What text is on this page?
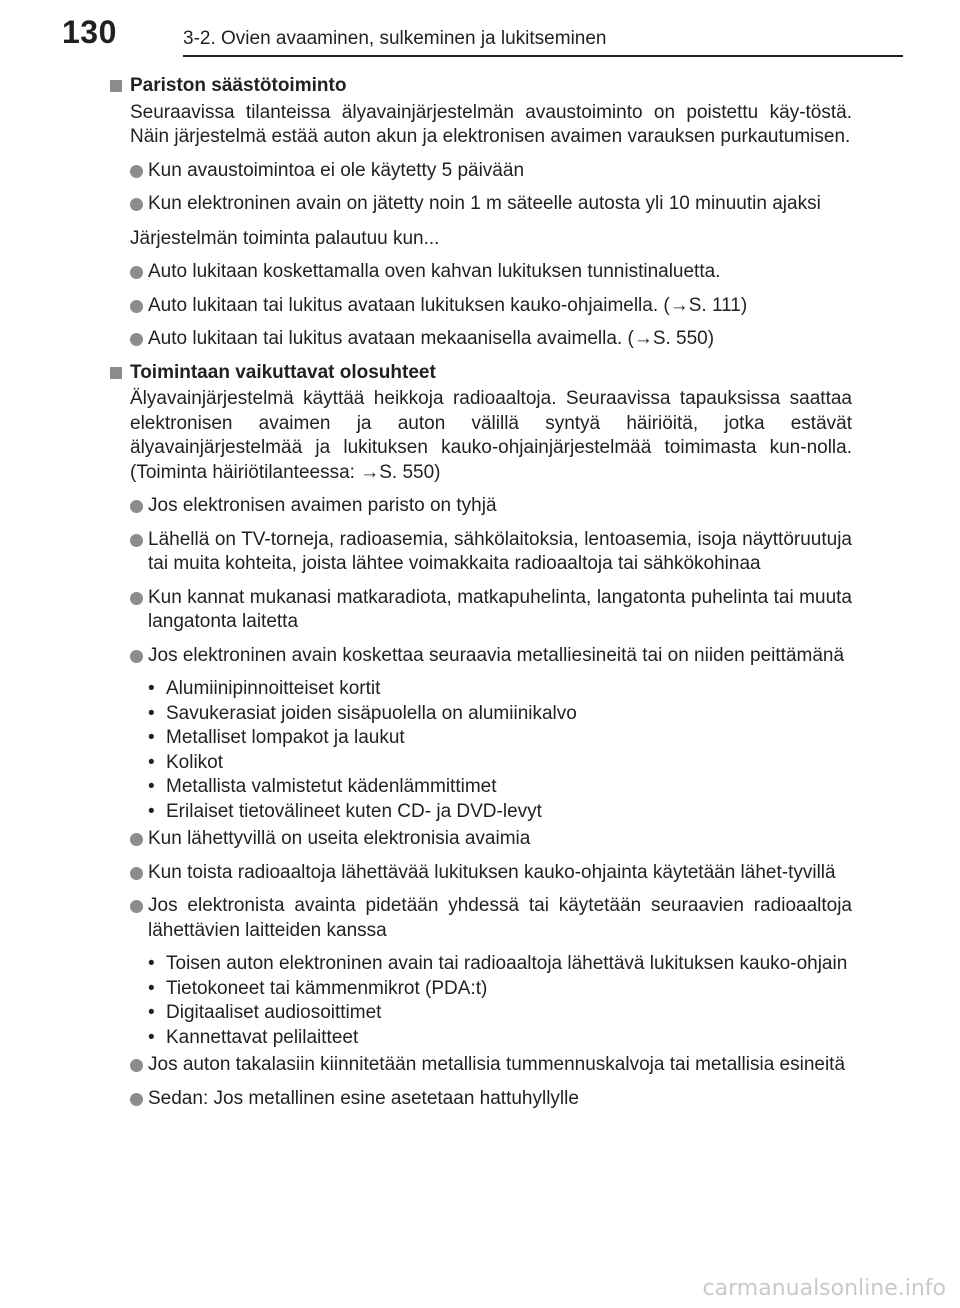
130	3-2. Ovien avaaminen, sulkeminen ja lukitseminen
Pariston säästötoiminto
Seuraavissa tilanteissa älyavainjärjestelmän avaustoiminto on poistettu käy-töstä. Näin järjestelmä estää auton akun ja elektronisen avaimen varauksen purkautumisen.
Kun avaustoimintoa ei ole käytetty 5 päivään
Kun elektroninen avain on jätetty noin 1 m säteelle autosta yli 10 minuutin ajaksi
Järjestelmän toiminta palautuu kun...
Auto lukitaan koskettamalla oven kahvan lukituksen tunnistinaluetta.
Auto lukitaan tai lukitus avataan lukituksen kauko-ohjaimella. (→S. 111)
Auto lukitaan tai lukitus avataan mekaanisella avaimella. (→S. 550)
Toimintaan vaikuttavat olosuhteet
Älyavainjärjestelmä käyttää heikkoja radioaaltoja. Seuraavissa tapauksissa saattaa elektronisen avaimen ja auton välillä syntyä häiriöitä, jotka estävät älyavainjärjestelmää ja lukituksen kauko-ohjainjärjestelmää toimimasta kun-nolla. (Toiminta häiriötilanteessa: →S. 550)
Jos elektronisen avaimen paristo on tyhjä
Lähellä on TV-torneja, radioasemia, sähkölaitoksia, lentoasemia, isoja näyttöruutuja tai muita kohteita, joista lähtee voimakkaita radioaaltoja tai sähkökohinaa
Kun kannat mukanasi matkaradiota, matkapuhelinta, langatonta puhelinta tai muuta langatonta laitetta
Jos elektroninen avain koskettaa seuraavia metalliesineitä tai on niiden peittämänä
• Alumiinipinnoitteiset kortit
• Savukerasiat joiden sisäpuolella on alumiinikalvo
• Metalliset lompakot ja laukut
• Kolikot
• Metallista valmistetut kädenlämmittimet
• Erilaiset tietovälineet kuten CD- ja DVD-levyt
Kun lähettyvillä on useita elektronisia avaimia
Kun toista radioaaltoja lähettävää lukituksen kauko-ohjainta käytetään lähet-tyvillä
Jos elektronista avainta pidetään yhdessä tai käytetään seuraavien radioaaltoja lähettävien laitteiden kanssa
• Toisen auton elektroninen avain tai radioaaltoja lähettävä lukituksen kauko-ohjain
• Tietokoneet tai kämmenmikrot (PDA:t)
• Digitaaliset audiosoittimet
• Kannettavat pelilaitteet
Jos auton takalasiin kiinnitetään metallisia tummennuskalvoja tai metallisia esineitä
Sedan: Jos metallinen esine asetetaan hattuhyllylle
carmanualsonline.info
